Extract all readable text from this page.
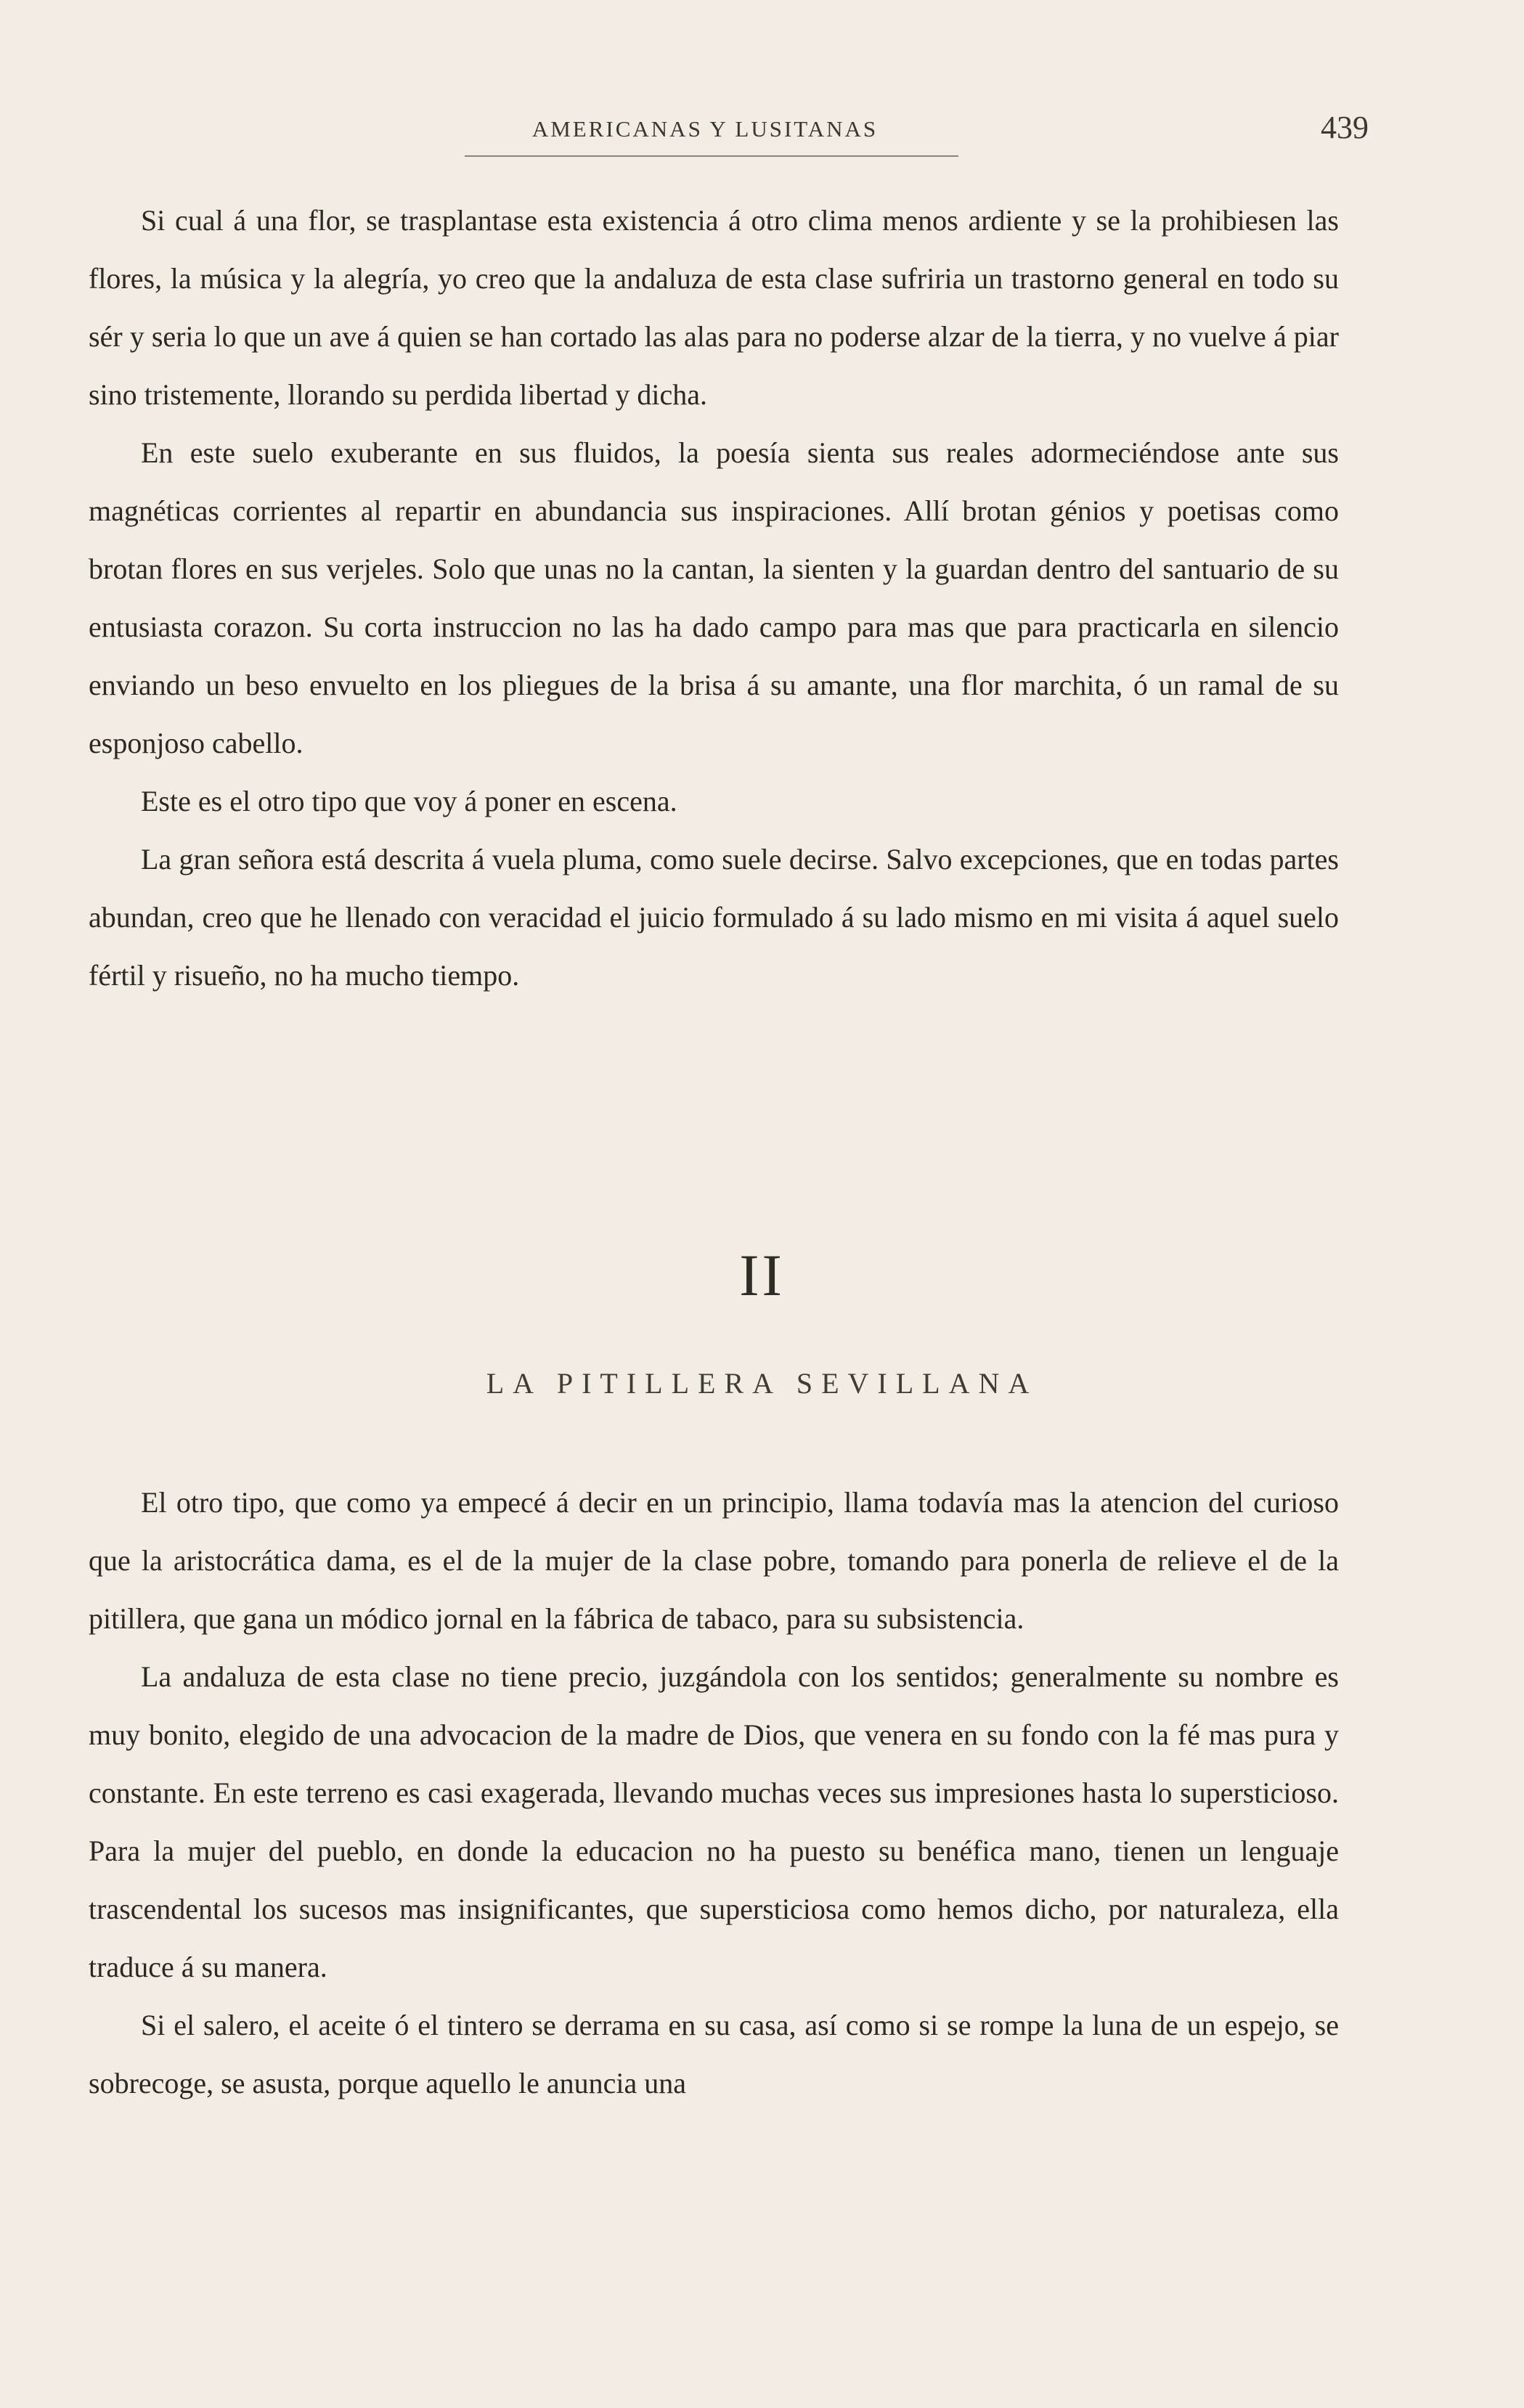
AMERICANAS Y LUSITANAS	439

Si cual á una flor, se trasplantase esta existencia á otro clima menos ardiente y se la prohibiesen las flores, la música y la alegría, yo creo que la andaluza de esta clase sufriria un trastorno general en todo su sér y seria lo que un ave á quien se han cortado las alas para no poderse alzar de la tierra, y no vuelve á piar sino tristemente, llorando su perdida libertad y dicha.

En este suelo exuberante en sus fluidos, la poesía sienta sus reales adormeciéndose ante sus magnéticas corrientes al repartir en abundancia sus inspiraciones. Allí brotan génios y poetisas como brotan flores en sus verjeles. Solo que unas no la cantan, la sienten y la guardan dentro del santuario de su entusiasta corazon. Su corta instruccion no las ha dado campo para mas que para practicarla en silencio enviando un beso envuelto en los pliegues de la brisa á su amante, una flor marchita, ó un ramal de su esponjoso cabello.

Este es el otro tipo que voy á poner en escena.

La gran señora está descrita á vuela pluma, como suele decirse. Salvo excepciones, que en todas partes abundan, creo que he llenado con veracidad el juicio formulado á su lado mismo en mi visita á aquel suelo fértil y risueño, no ha mucho tiempo.

II
LA PITILLERA SEVILLANA

El otro tipo, que como ya empecé á decir en un principio, llama todavía mas la atencion del curioso que la aristocrática dama, es el de la mujer de la clase pobre, tomando para ponerla de relieve el de la pitillera, que gana un módico jornal en la fábrica de tabaco, para su subsistencia.

La andaluza de esta clase no tiene precio, juzgándola con los sentidos; generalmente su nombre es muy bonito, elegido de una advocacion de la madre de Dios, que venera en su fondo con la fé mas pura y constante. En este terreno es casi exagerada, llevando muchas veces sus impresiones hasta lo supersticioso. Para la mujer del pueblo, en donde la educacion no ha puesto su benéfica mano, tienen un lenguaje trascendental los sucesos mas insignificantes, que supersticiosa como hemos dicho, por naturaleza, ella traduce á su manera.

Si el salero, el aceite ó el tintero se derrama en su casa, así como si se rompe la luna de un espejo, se sobrecoge, se asusta, porque aquello le anuncia una
